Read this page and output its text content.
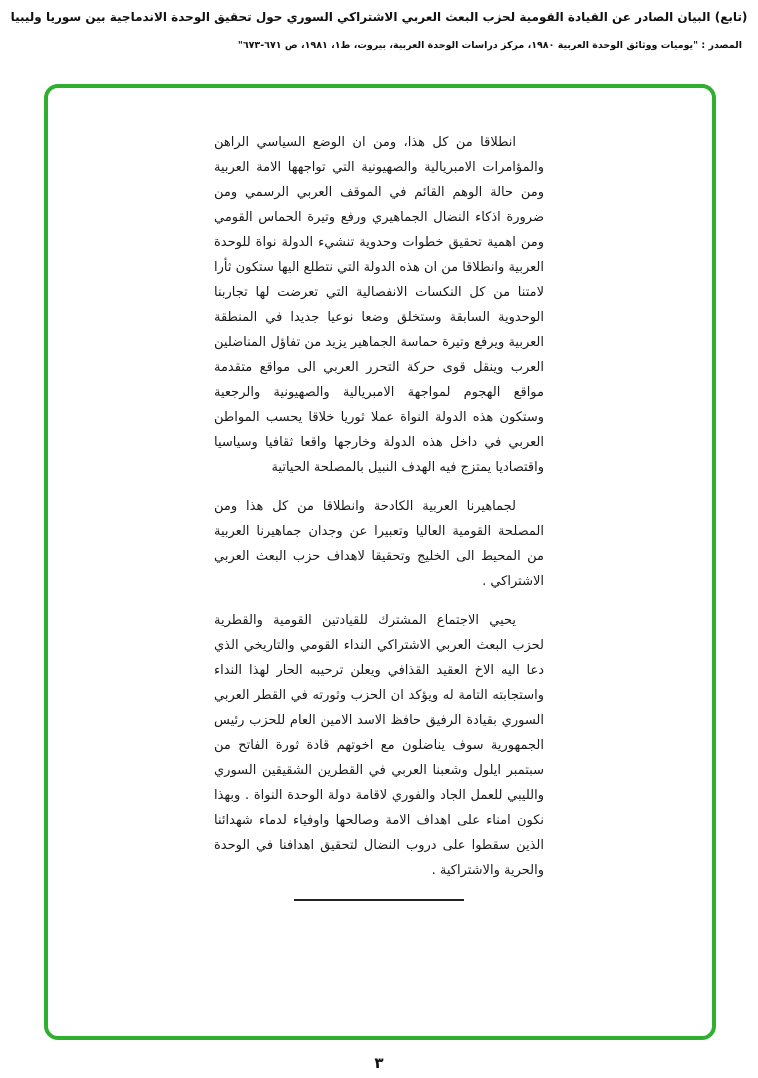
(تابع) البيان الصادر عن القيادة القومية لحزب البعث العربي الاشتراكي السوري حول تحقيق الوحدة الاندماجية بين سوريا وليبيا
المصدر : "يوميات ووثائق الوحدة العربية ١٩٨٠، مركز دراسات الوحدة العربية، بيروت، ط١، ١٩٨١، ص ٦٧١-٦٧٣"

انطلاقا من كل هذا، ومن ان الوضع السياسي الراهن والمؤامرات الامبريالية والصهيونية التي تواجهها الامة العربية ومن حالة الوهم القائم في الموقف العربي الرسمي ومن ضرورة اذكاء النضال الجماهيري ورفع وتيرة الحماس القومي ومن اهمية تحقيق خطوات وحدوية تنشيء الدولة نواة للوحدة العربية وانطلاقا من ان هذه الدولة التي نتطلع اليها ستكون ثأرا لامتنا من كل النكسات الانفصالية التي تعرضت لها تجاربنا الوحدوية السابقة وستخلق وضعا نوعيا جديدا في المنطقة العربية ويرفع وتيرة حماسة الجماهير يزيد من تفاؤل المناضلين العرب وينقل قوى حركة التحرر العربي الى مواقع متقدمة مواقع الهجوم لمواجهة الامبريالية والصهيونية والرجعية وستكون هذه الدولة النواة عملا ثوريا خلاقا يحسب المواطن العربي في داخل هذه الدولة وخارجها واقعا ثقافيا وسياسيا واقتصاديا يمتزج فيه الهدف النبيل بالمصلحة الحياتية

لجماهيرنا العربية الكادحة وانطلاقا من كل هذا ومن المصلحة القومية العاليا وتعبيرا عن وجدان جماهيرنا العربية من المحيط الى الخليج وتحقيقا لاهداف حزب البعث العربي الاشتراكي .

يحيي الاجتماع المشترك للقيادتين القومية والقطرية لحزب البعث العربي الاشتراكي النداء القومي والتاريخي الذي دعا اليه الاخ العقيد القذافي ويعلن ترحيبه الحار لهذا النداء واستجابته التامة له ويؤكد ان الحزب وثورته في القطر العربي السوري بقيادة الرفيق حافظ الاسد الامين العام للحزب رئيس الجمهورية سوف يناضلون مع اخوتهم قادة ثورة الفاتح من سبتمبر ايلول وشعبنا العربي في القطرين الشقيقين السوري والليبي للعمل الجاد والفوري لاقامة دولة الوحدة النواة . وبهذا نكون امناء على اهداف الامة وصالحها واوفياء لدماء شهدائنا الذين سقطوا على دروب النضال لتحقيق اهدافنا في الوحدة والحرية والاشتراكية .

٣
